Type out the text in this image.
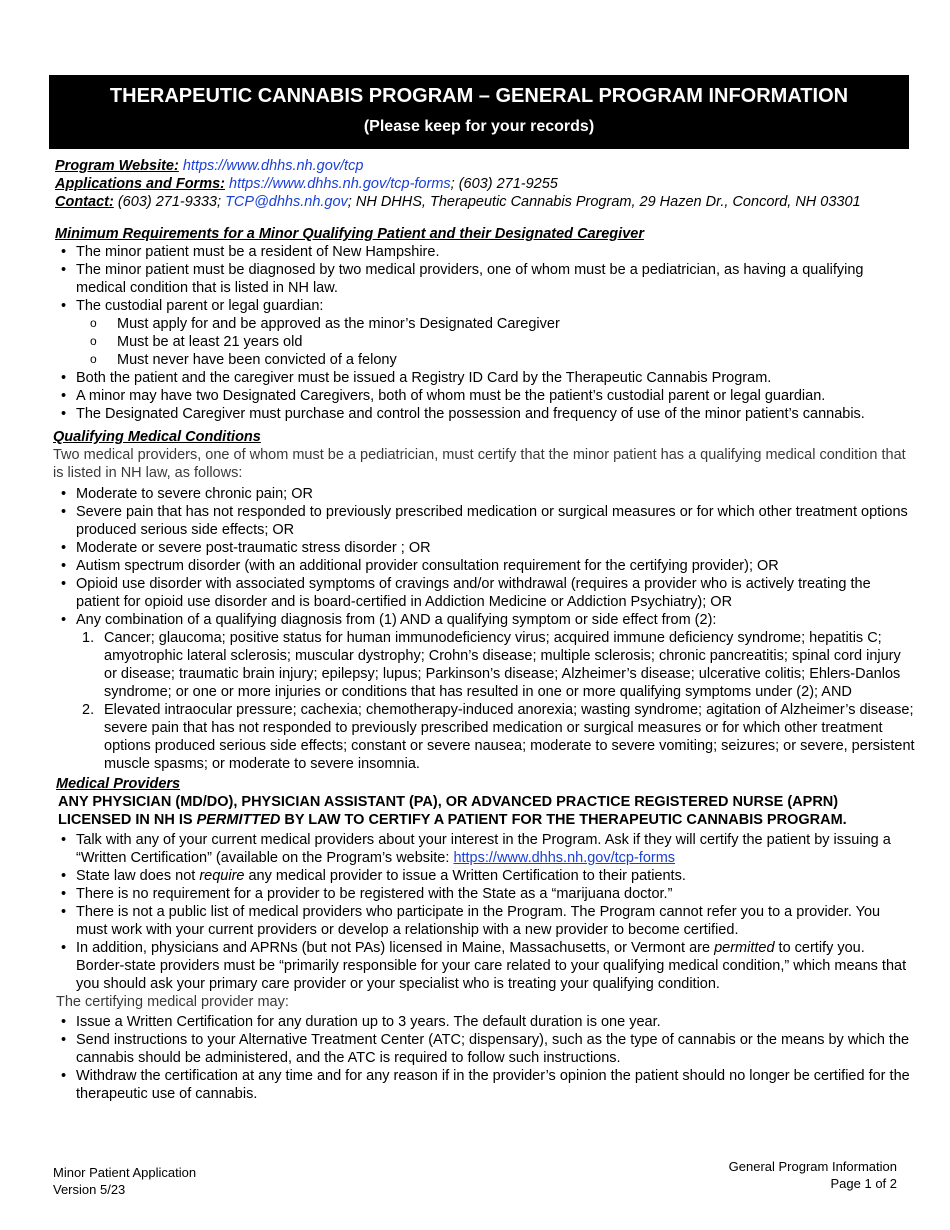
THERAPEUTIC CANNABIS PROGRAM – GENERAL PROGRAM INFORMATION
(Please keep for your records)
Program Website: https://www.dhhs.nh.gov/tcp
Applications and Forms: https://www.dhhs.nh.gov/tcp-forms; (603) 271-9255
Contact: (603) 271-9333; TCP@dhhs.nh.gov; NH DHHS, Therapeutic Cannabis Program, 29 Hazen Dr., Concord, NH 03301
Minimum Requirements for a Minor Qualifying Patient and their Designated Caregiver
• The minor patient must be a resident of New Hampshire.
• The minor patient must be diagnosed by two medical providers, one of whom must be a pediatrician, as having a qualifying medical condition that is listed in NH law.
• The custodial parent or legal guardian:
o Must apply for and be approved as the minor’s Designated Caregiver
o Must be at least 21 years old
o Must never have been convicted of a felony
• Both the patient and the caregiver must be issued a Registry ID Card by the Therapeutic Cannabis Program.
• A minor may have two Designated Caregivers, both of whom must be the patient’s custodial parent or legal guardian.
• The Designated Caregiver must purchase and control the possession and frequency of use of the minor patient’s cannabis.
Qualifying Medical Conditions
Two medical providers, one of whom must be a pediatrician, must certify that the minor patient has a qualifying medical condition that is listed in NH law, as follows:
• Moderate to severe chronic pain; OR
• Severe pain that has not responded to previously prescribed medication or surgical measures or for which other treatment options produced serious side effects; OR
• Moderate or severe post-traumatic stress disorder ; OR
• Autism spectrum disorder (with an additional provider consultation requirement for the certifying provider); OR
• Opioid use disorder with associated symptoms of cravings and/or withdrawal (requires a provider who is actively treating the patient for opioid use disorder and is board-certified in Addiction Medicine or Addiction Psychiatry); OR
• Any combination of a qualifying diagnosis from (1) AND a qualifying symptom or side effect from (2):
1. Cancer; glaucoma; positive status for human immunodeficiency virus; acquired immune deficiency syndrome; hepatitis C; amyotrophic lateral sclerosis; muscular dystrophy; Crohn’s disease; multiple sclerosis; chronic pancreatitis; spinal cord injury or disease; traumatic brain injury; epilepsy; lupus; Parkinson’s disease; Alzheimer’s disease; ulcerative colitis; Ehlers-Danlos syndrome; or one or more injuries or conditions that has resulted in one or more qualifying symptoms under (2); AND
2. Elevated intraocular pressure; cachexia; chemotherapy-induced anorexia; wasting syndrome; agitation of Alzheimer’s disease; severe pain that has not responded to previously prescribed medication or surgical measures or for which other treatment options produced serious side effects; constant or severe nausea; moderate to severe vomiting; seizures; or severe, persistent muscle spasms; or moderate to severe insomnia.
Medical Providers
ANY PHYSICIAN (MD/DO), PHYSICIAN ASSISTANT (PA), OR ADVANCED PRACTICE REGISTERED NURSE (APRN)
LICENSED IN NH IS PERMITTED BY LAW TO CERTIFY A PATIENT FOR THE THERAPEUTIC CANNABIS PROGRAM.
• Talk with any of your current medical providers about your interest in the Program. Ask if they will certify the patient by issuing a “Written Certification” (available on the Program’s website: https://www.dhhs.nh.gov/tcp-forms
• State law does not require any medical provider to issue a Written Certification to their patients.
• There is no requirement for a provider to be registered with the State as a “marijuana doctor.”
• There is not a public list of medical providers who participate in the Program. The Program cannot refer you to a provider. You must work with your current providers or develop a relationship with a new provider to become certified.
• In addition, physicians and APRNs (but not PAs) licensed in Maine, Massachusetts, or Vermont are permitted to certify you. Border-state providers must be “primarily responsible for your care related to your qualifying medical condition,” which means that you should ask your primary care provider or your specialist who is treating your qualifying condition.
The certifying medical provider may:
• Issue a Written Certification for any duration up to 3 years. The default duration is one year.
• Send instructions to your Alternative Treatment Center (ATC; dispensary), such as the type of cannabis or the means by which the cannabis should be administered, and the ATC is required to follow such instructions.
• Withdraw the certification at any time and for any reason if in the provider’s opinion the patient should no longer be certified for the therapeutic use of cannabis.
Minor Patient Application
Version 5/23
General Program Information
Page 1 of 2
